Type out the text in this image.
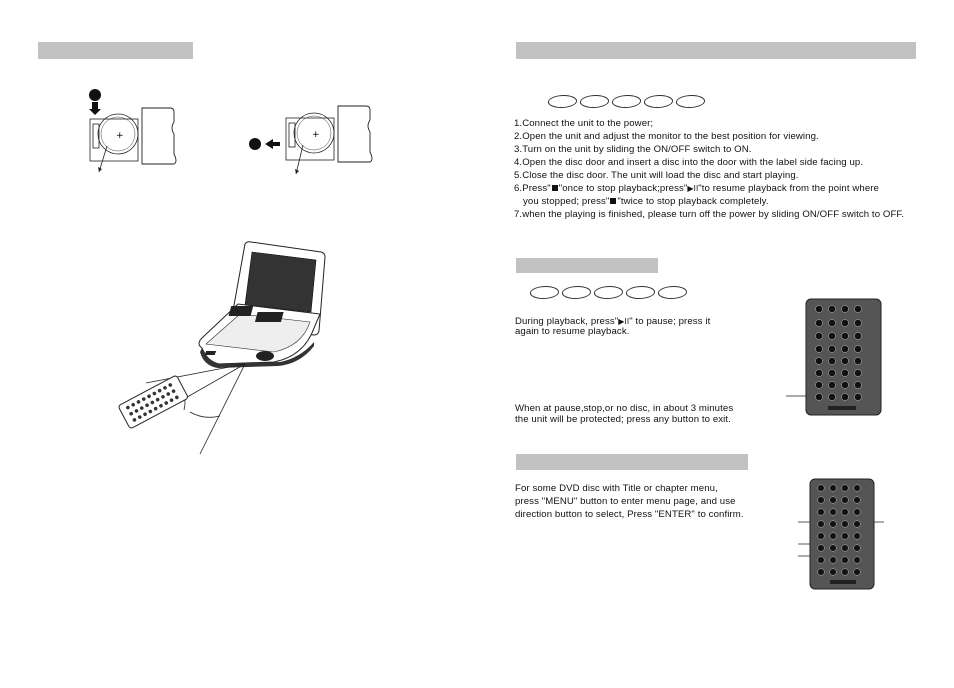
1.Connect the unit to the power;
2.Open the unit and adjust the monitor to the best position for viewing.
3.Turn on the unit by sliding the ON/OFF switch to ON.
4.Open the disc door and insert a disc into the door with the label side facing up.
5.Close the disc door. The unit will load the disc and start playing.
6.Press" "once to stop playback;press"▶II"to resume playback from the point where
you stopped; press" "twice to stop playback completely.
7.when the playing is finished, please turn off the power by sliding ON/OFF switch to OFF.
During playback, press"▶II" to pause; press it
again to resume playback.
When at pause,stop,or no disc, in about 3 minutes
the unit will be protected; press any button to exit.
For some DVD disc with Title or chapter menu,
press "MENU" button to enter menu page, and use
direction button to select, Press "ENTER" to confirm.
+	+
